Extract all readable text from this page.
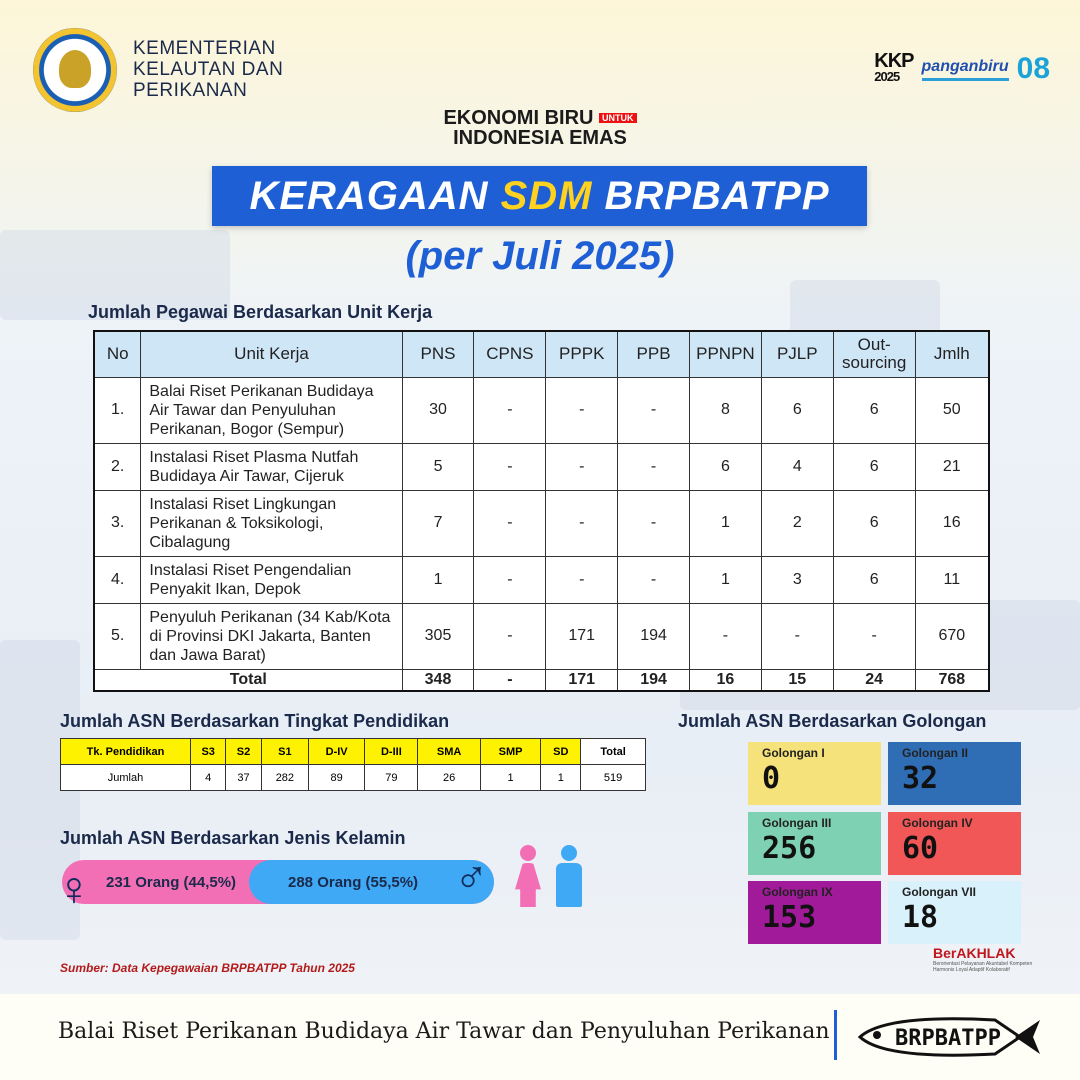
KEMENTERIAN
KELAUTAN DAN
PERIKANAN
KKP
2025
panganbiru 08
EKONOMI BIRU $^{UNTUK}$
INDONESIA EMAS
KERAGAAN SDM BRPBATPP
(per Juli 2025)
Jumlah Pegawai Berdasarkan Unit Kerja
No	Unit Kerja	PNS	CPNS	PPPK	PPB	PPNPN	PJLP	Out-sourcing	Jmlh
1.	Balai Riset Perikanan Budidaya Air Tawar dan Penyuluhan Perikanan, Bogor (Sempur)	30	-	-	-	8	6	6	50
2.	Instalasi Riset Plasma Nutfah Budidaya Air Tawar, Cijeruk	5	-	-	-	6	4	6	21
3.	Instalasi Riset Lingkungan Perikanan & Toksikologi, Cibalagung	7	-	-	-	1	2	6	16
4.	Instalasi Riset Pengendalian Penyakit Ikan, Depok	1	-	-	-	1	3	6	11
5.	Penyuluh Perikanan (34 Kab/Kota di Provinsi DKI Jakarta, Banten dan Jawa Barat)	305	-	171	194	-	-	-	670
Total		348	-	171	194	16	15	24	768
Jumlah ASN Berdasarkan Tingkat Pendidikan
Tk. Pendidikan	S3	S2	S1	D-IV	D-III	SMA	SMP	SD	Total
Jumlah	4	37	282	89	79	26	1	1	519
Jumlah ASN Berdasarkan Jenis Kelamin
♀ 231 Orang (44,5%)	288 Orang (55,5%) ♂
Jumlah ASN Berdasarkan Golongan
Golongan I
0
Golongan II
32
Golongan III
256
Golongan IV
60
Golongan IX
153
Golongan VII
18
Sumber: Data Kepegawaian BRPBATPP Tahun 2025
BerAKHLAK
Berorientasi Pelayanan Akuntabel Kompeten Harmonis Loyal Adaptif Kolaboratif
Balai Riset Perikanan Budidaya Air Tawar dan Penyuluhan Perikanan	BRPBATPP
